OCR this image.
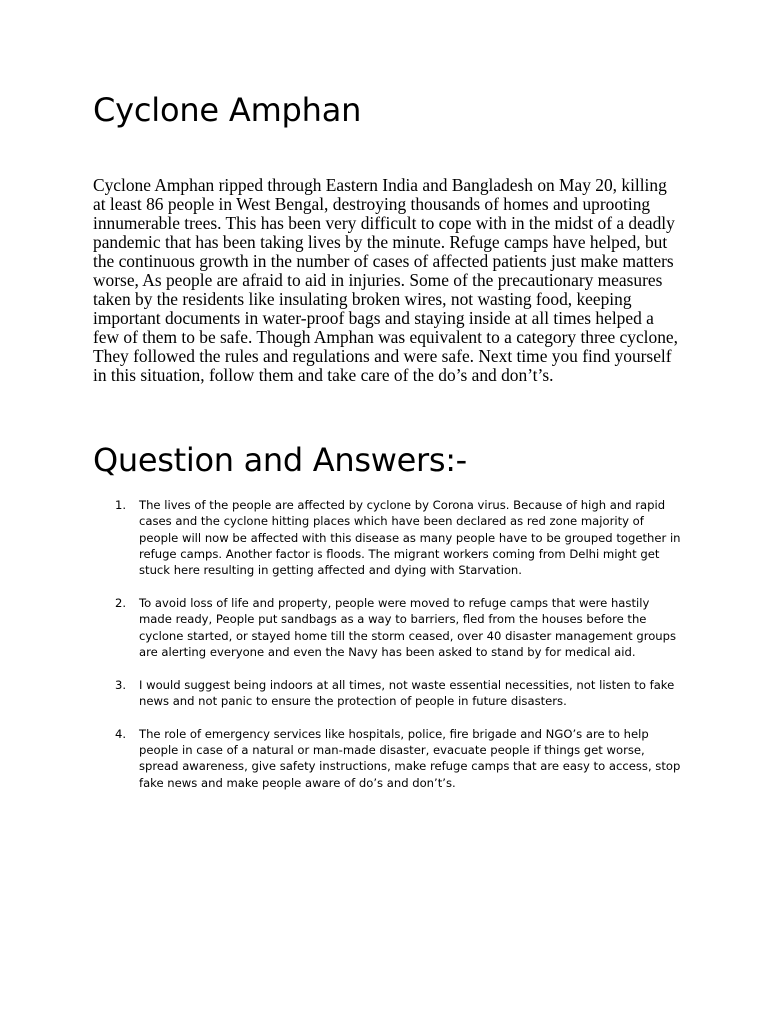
Cyclone Amphan

Cyclone Amphan ripped through Eastern India and Bangladesh on May 20, killing at least 86 people in West Bengal, destroying thousands of homes and uprooting innumerable trees. This has been very difficult to cope with in the midst of a deadly pandemic that has been taking lives by the minute. Refuge camps have helped, but the continuous growth in the number of cases of affected patients just make matters worse, As people are afraid to aid in injuries. Some of the precautionary measures taken by the residents like insulating broken wires, not wasting food, keeping important documents in water-proof bags and staying inside at all times helped a few of them to be safe. Though Amphan was equivalent to a category three cyclone, They followed the rules and regulations and were safe. Next time you find yourself in this situation, follow them and take care of the do’s and don’t’s.

Question and Answers:-
1. The lives of the people are affected by cyclone by Corona virus. Because of high and rapid cases and the cyclone hitting places which have been declared as red zone majority of people will now be affected with this disease as many people have to be grouped together in refuge camps. Another factor is floods. The migrant workers coming from Delhi might get stuck here resulting in getting affected and dying with Starvation.
2. To avoid loss of life and property, people were moved to refuge camps that were hastily made ready, People put sandbags as a way to barriers, fled from the houses before the cyclone started, or stayed home till the storm ceased, over 40 disaster management groups are alerting everyone and even the Navy has been asked to stand by for medical aid.
3. I would suggest being indoors at all times, not waste essential necessities, not listen to fake news and not panic to ensure the protection of people in future disasters.
4. The role of emergency services like hospitals, police, fire brigade and NGO’s are to help people in case of a natural or man-made disaster, evacuate people if things get worse, spread awareness, give safety instructions, make refuge camps that are easy to access, stop fake news and make people aware of do’s and don’t’s.
